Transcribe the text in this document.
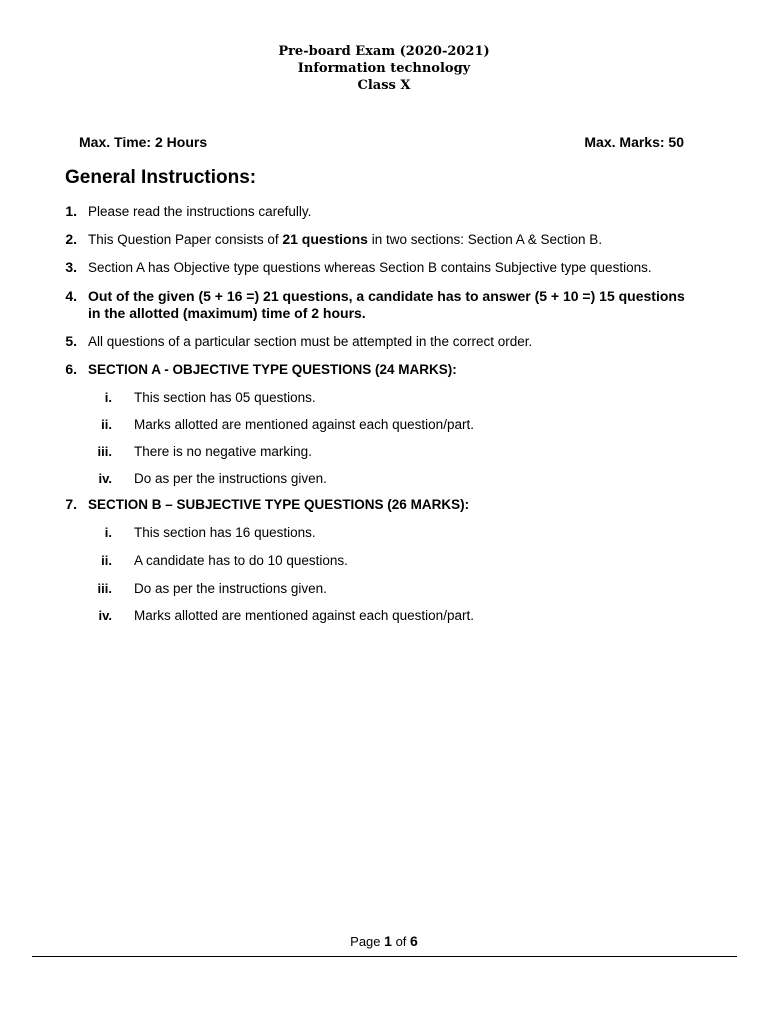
Pre-board Exam (2020-2021)
Information technology
Class X
Max. Time: 2 Hours	Max. Marks: 50
General Instructions:
1. Please read the instructions carefully.
2. This Question Paper consists of 21 questions in two sections: Section A & Section B.
3. Section A has Objective type questions whereas Section B contains Subjective type questions.
4. Out of the given (5 + 16 =) 21 questions, a candidate has to answer (5 + 10 =) 15 questions in the allotted (maximum) time of 2 hours.
5. All questions of a particular section must be attempted in the correct order.
6. SECTION A - OBJECTIVE TYPE QUESTIONS (24 MARKS):
i. This section has 05 questions.
ii. Marks allotted are mentioned against each question/part.
iii. There is no negative marking.
iv. Do as per the instructions given.
7. SECTION B – SUBJECTIVE TYPE QUESTIONS (26 MARKS):
i. This section has 16 questions.
ii. A candidate has to do 10 questions.
iii. Do as per the instructions given.
iv. Marks allotted are mentioned against each question/part.
Page 1 of 6
